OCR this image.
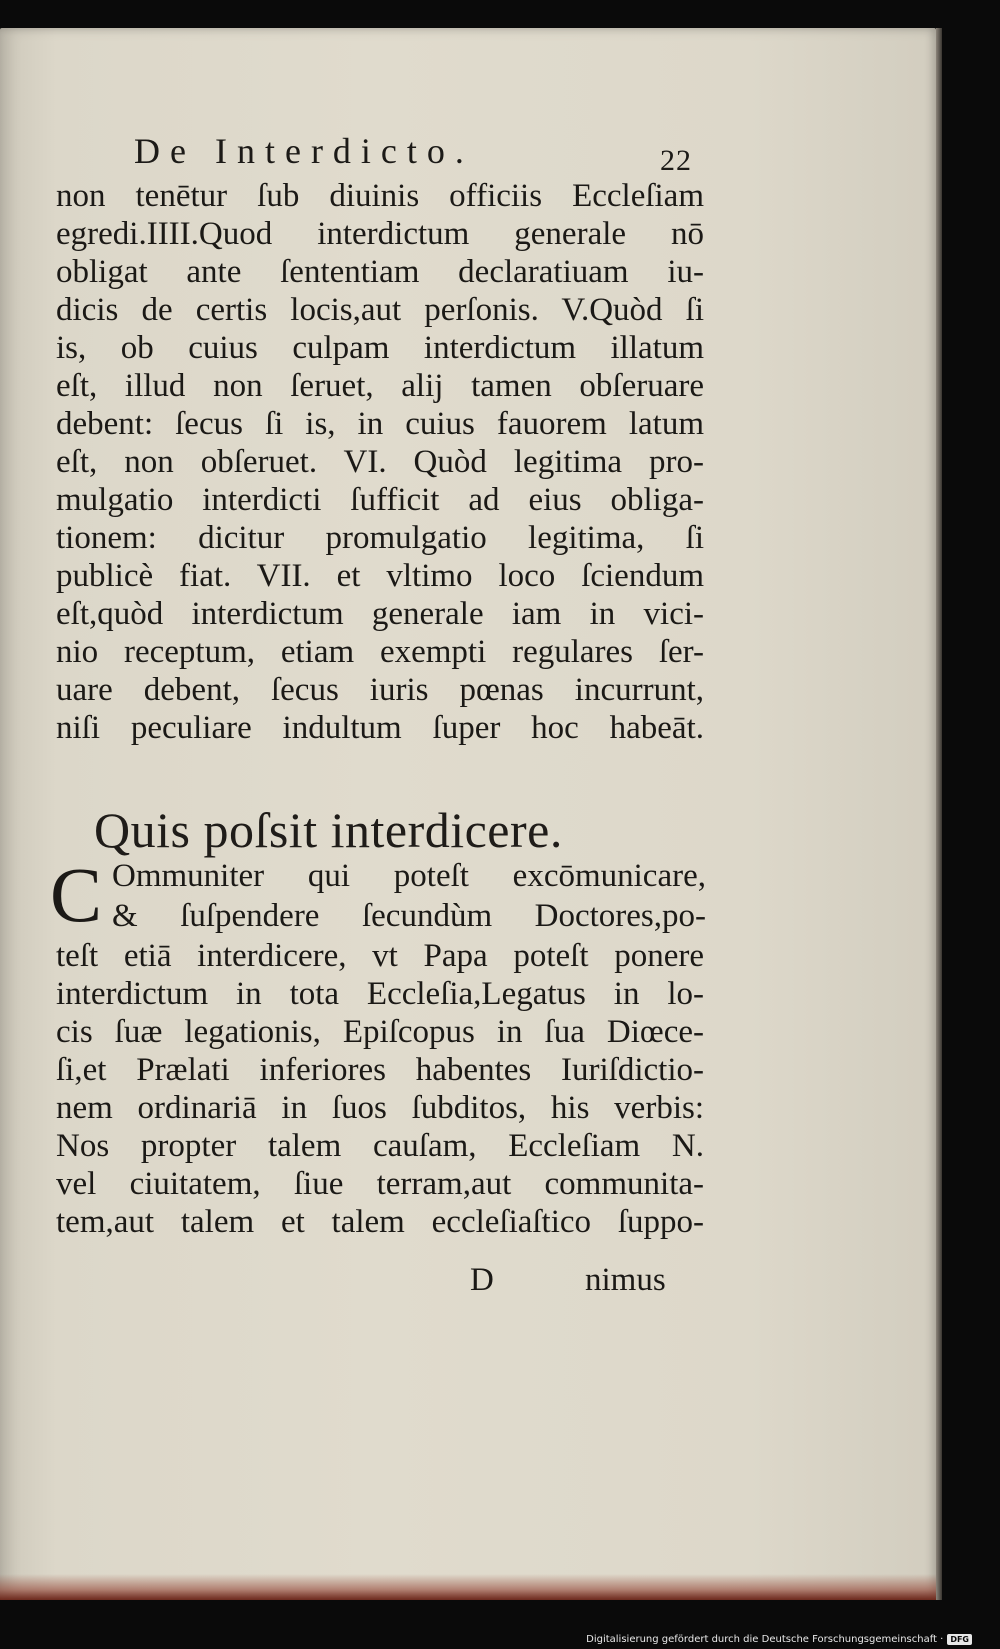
De Interdicto.	22
non tenētur ſub diuinis officiis Eccleſiam
egredi.IIII.Quod interdictum generale nō
obligat ante ſententiam declaratiuam iu-
dicis de certis locis,aut perſonis. V.Quòd ſi
is, ob cuius culpam interdictum illatum
eſt, illud non ſeruet, alij tamen obſeruare
debent: ſecus ſi is, in cuius fauorem latum
eſt, non obſeruet. VI. Quòd legitima pro-
mulgatio interdicti ſufficit ad eius obliga-
tionem: dicitur promulgatio legitima, ſi
publicè fiat. VII. et vltimo loco ſciendum
eſt,quòd interdictum generale iam in vici-
nio receptum, etiam exempti regulares ſer-
uare debent, ſecus iuris pœnas incurrunt,
niſi peculiare indultum ſuper hoc habeāt.
Quis poſsit interdicere.
C Ommuniter qui poteſt excōmunicare,
& ſuſpendere ſecundùm Doctores,po-
teſt etiā interdicere, vt Papa poteſt ponere
interdictum in tota Eccleſia,Legatus in lo-
cis ſuæ legationis, Epiſcopus in ſua Diœce-
ſi,et Prælati inferiores habentes Iuriſdictio-
nem ordinariā in ſuos ſubditos, his verbis:
Nos propter talem cauſam, Eccleſiam N.
vel ciuitatem, ſiue terram,aut communita-
tem,aut talem et talem eccleſiaſtico ſuppo-
D	nimus
Digitalisierung gefördert durch die Deutsche Forschungsgemeinschaft · DFG
